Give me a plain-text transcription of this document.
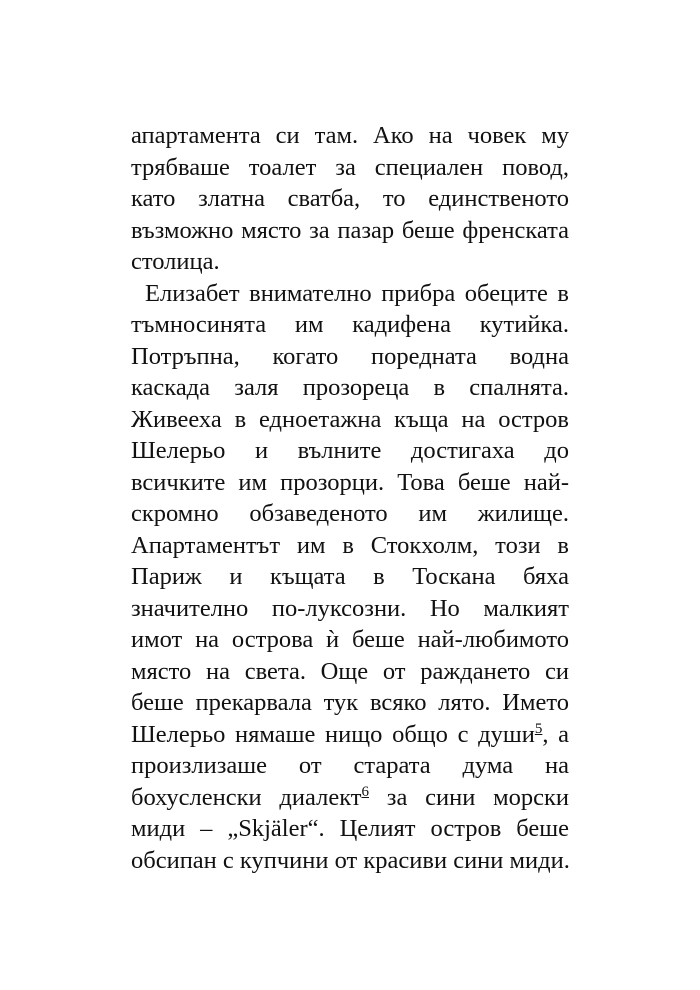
апартамента си там. Ако на човек му
трябваше тоалет за специален повод,
като златна сватба, то единственото
възможно място за пазар беше френската
столица.
Елизабет внимателно прибра обеците в
тъмносинята им кадифена кутийка.
Потръпна, когато поредната водна
каскада заля прозореца в спалнята.
Живееха в едноетажна къща на остров
Шелерьо и вълните достигаха до
всичките им прозорци. Това беше най-
скромно обзаведеното им жилище.
Апартаментът им в Стокхолм, този в
Париж и къщата в Тоскана бяха
значително по-луксозни. Но малкият
имот на острова ѝ беше най-любимото
място на света. Още от раждането си
беше прекарвала тук всяко лято. Името
Шелерьо нямаше нищо общо с души$^5$, а
произлизаше от старата дума на
бохусленски диалект$^6$ за сини морски
миди – „Skjäler“. Целият остров беше
обсипан с купчини от красиви сини миди.
